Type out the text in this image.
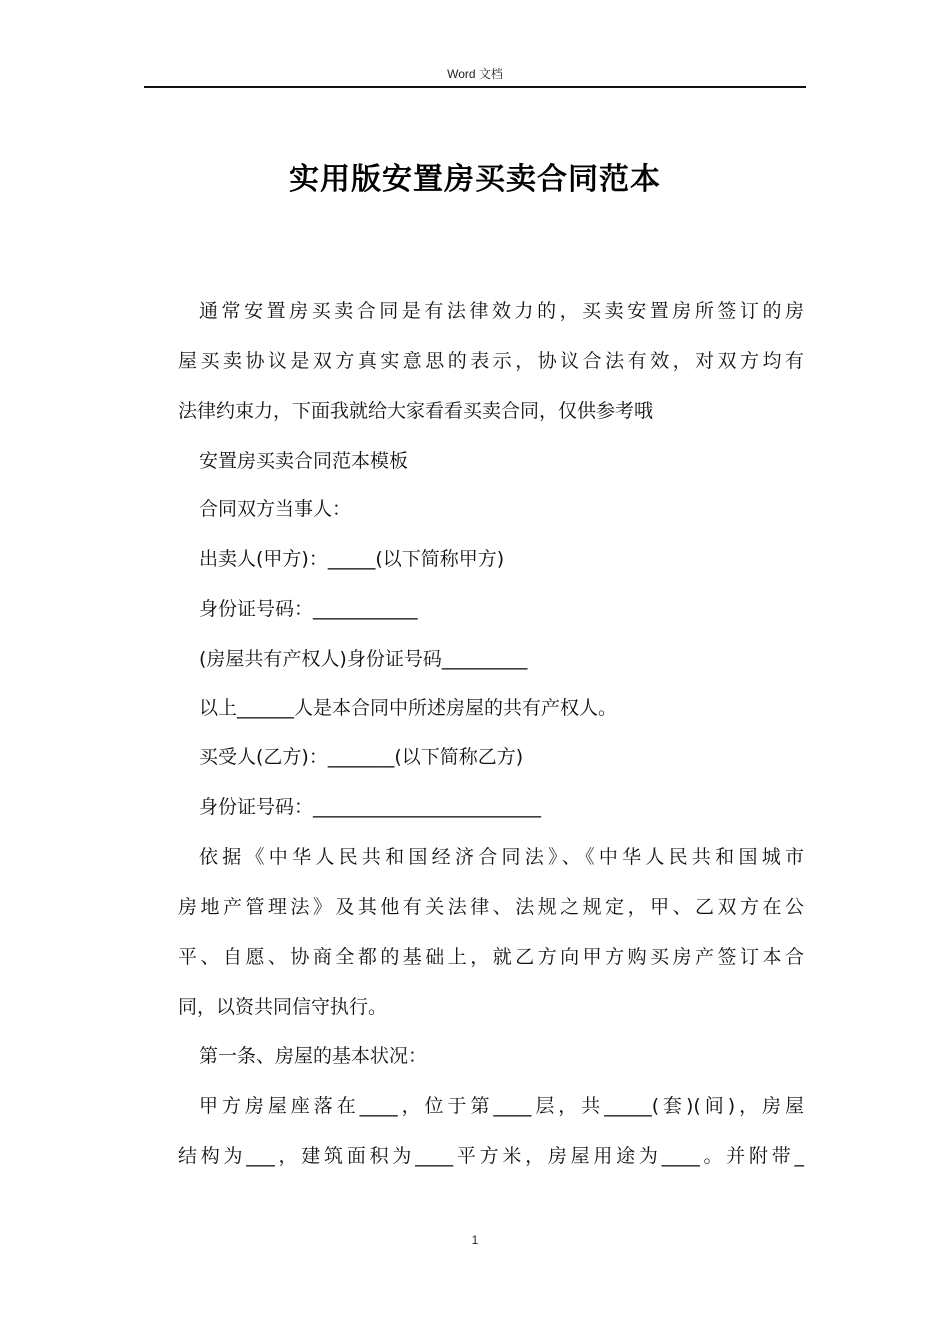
Word 文档
实用版安置房买卖合同范本
通常安置房买卖合同是有法律效力的，买卖安置房所签订的房
屋买卖协议是双方真实意思的表示，协议合法有效，对双方均有
法律约束力，下面我就给大家看看买卖合同，仅供参考哦
安置房买卖合同范本模板
合同双方当事人：
出卖人(甲方)：_____(以下简称甲方)
身份证号码：___________
(房屋共有产权人)身份证号码_________
以上______人是本合同中所述房屋的共有产权人。
买受人(乙方)：_______(以下简称乙方)
身份证号码：________________________
依据《中华人民共和国经济合同法》、《中华人民共和国城市
房地产管理法》及其他有关法律、法规之规定，甲、乙双方在公
平、自愿、协商全都的基础上，就乙方向甲方购买房产签订本合
同，以资共同信守执行。
第一条、房屋的基本状况：
甲方房屋座落在____，位于第____层，共_____(套)(间)，房屋
结构为___，建筑面积为____平方米，房屋用途为____。并附带_
1
